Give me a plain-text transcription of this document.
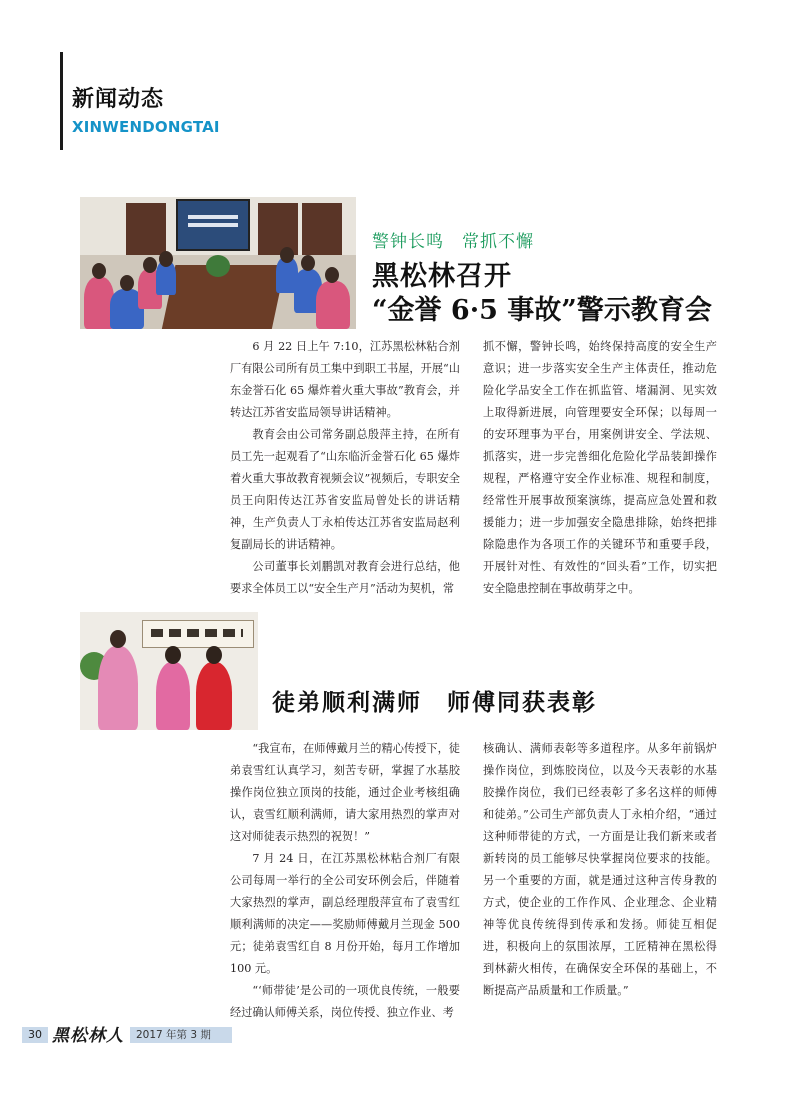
新闻动态
XINWENDONGTAI
警钟长鸣　常抓不懈
黑松林召开
“金誉 6·5 事故”警示教育会

6 月 22 日上午 7:10，江苏黑松林粘合剂厂有限公司所有员工集中到职工书屋，开展“山东金誉石化 65 爆炸着火重大事故”教育会，并转达江苏省安监局领导讲话精神。

教育会由公司常务副总殷萍主持，在所有员工先一起观看了“山东临沂金誉石化 65 爆炸着火重大事故教育视频会议”视频后，专职安全员王向阳传达江苏省安监局曾处长的讲话精神，生产负责人丁永柏传达江苏省安监局赵利复副局长的讲话精神。

公司董事长刘鹏凯对教育会进行总结，他要求全体员工以“安全生产月”活动为契机，常

抓不懈，警钟长鸣，始终保持高度的安全生产意识；进一步落实安全生产主体责任，推动危险化学品安全工作在抓监管、堵漏洞、见实效上取得新进展，向管理要安全环保；以每周一的安环理事为平台，用案例讲安全、学法规、抓落实，进一步完善细化危险化学品装卸操作规程，严格遵守安全作业标准、规程和制度，经常性开展事故预案演练，提高应急处置和救援能力；进一步加强安全隐患排除，始终把排除隐患作为各项工作的关键环节和重要手段，开展针对性、有效性的“回头看”工作，切实把安全隐患控制在事故萌芽之中。

徒弟顺利满师　师傅同获表彰

“我宣布，在师傅戴月兰的精心传授下，徒弟袁雪红认真学习，刻苦专研，掌握了水基胶操作岗位独立顶岗的技能，通过企业考核组确认，袁雪红顺利满师，请大家用热烈的掌声对这对师徒表示热烈的祝贺！”

7 月 24 日，在江苏黑松林粘合剂厂有限公司每周一举行的全公司安环例会后，伴随着大家热烈的掌声，副总经理殷萍宣布了袁雪红顺利满师的决定——奖励师傅戴月兰现金 500 元；徒弟袁雪红自 8 月份开始，每月工作增加 100 元。

“‘师带徒’是公司的一项优良传统，一般要经过确认师傅关系，岗位传授、独立作业、考

核确认、满师表彰等多道程序。从多年前锅炉操作岗位，到炼胶岗位，以及今天表彰的水基胶操作岗位，我们已经表彰了多名这样的师傅和徒弟。”公司生产部负责人丁永柏介绍，“通过这种师带徒的方式，一方面是让我们新来或者新转岗的员工能够尽快掌握岗位要求的技能。另一个重要的方面，就是通过这种言传身教的方式，使企业的工作作风、企业理念、企业精神等优良传统得到传承和发扬。师徒互相促进，积极向上的氛围浓厚，工匠精神在黑松得到林薪火相传，在确保安全环保的基础上，不断提高产品质量和工作质量。”

30 黑松林人	2017 年第 3 期
